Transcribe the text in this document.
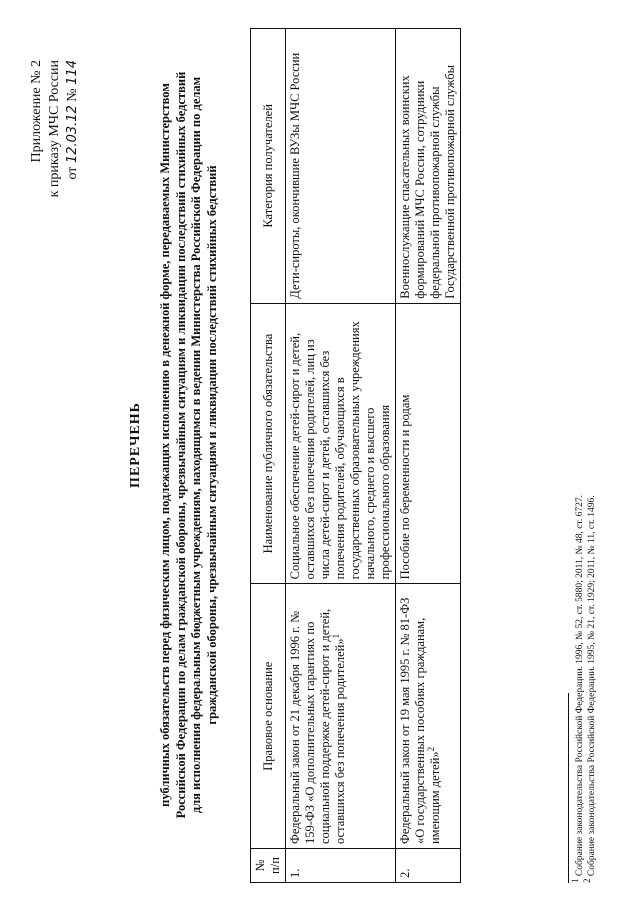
Приложение № 2 к приказу МЧС России от 12.03.12 № 114
ПЕРЕЧЕНЬ публичных обязательств перед физическим лицом, подлежащих исполнению в денежной форме, передаваемых Министерством Российской Федерации по делам гражданской обороны, чрезвычайным ситуациям и ликвидации последствий стихийных бедствий для исполнения федеральным бюджетным учреждениям, находящимся в ведении Министерства Российской Федерации по делам гражданской обороны, чрезвычайным ситуациям и ликвидации последствий стихийных бедствий
№ п/п	Правовое основание	Наименование публичного обязательства	Категория получателей
1.	Федеральный закон от 21 декабря 1996 г. № 159-ФЗ «О дополнительных гарантиях по социальной поддержке детей-сирот и детей, оставшихся без попечения родителей»$^1$	Социальное обеспечение детей-сирот и детей, оставшихся без попечения родителей, лиц из числа детей-сирот и детей, оставшихся без попечения родителей, обучающихся в государственных образовательных учреждениях начального, среднего и высшего профессионального образования	Дети-сироты, окончившие ВУЗы МЧС России
2.	Федеральный закон от 19 мая 1995 г. № 81-ФЗ «О государственных пособиях гражданам, имеющим детей»$^2$	Пособие по беременности и родам	Военнослужащие спасательных воинских формирований МЧС России, сотрудники федеральной противопожарной службы Государственной противопожарной службы
$^1$ Собрание законодательства Российской Федерации. 1996, № 52, ст. 5880; 2011, № 48, ст. 6727.
$^2$ Собрание законодательства Российской Федерации. 1995, № 21, ст. 1929; 2011, № 11, ст. 1496.
